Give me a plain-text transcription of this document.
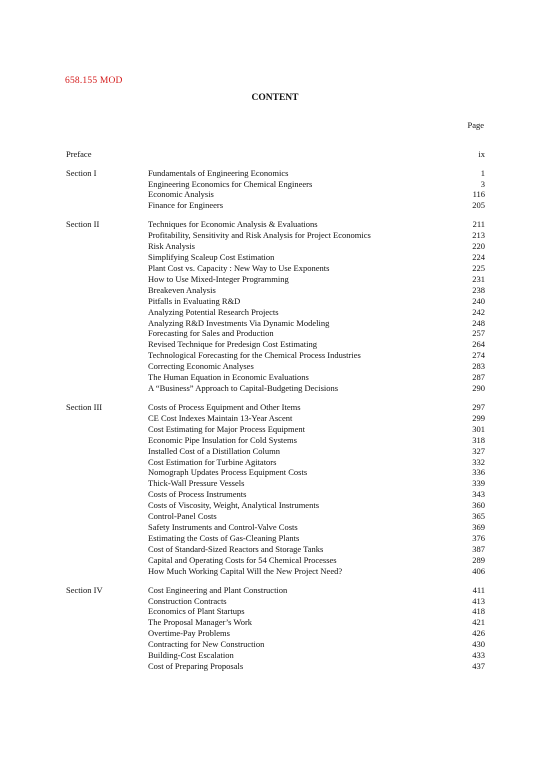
658.155 MOD
CONTENT
Page
Preface	ix
Section I	Fundamentals of Engineering Economics	1
Engineering Economics for Chemical Engineers	3
Economic Analysis	116
Finance for Engineers	205
Section II	Techniques for Economic Analysis & Evaluations	211
Profitability, Sensitivity and Risk Analysis for Project Economics	213
Risk Analysis	220
Simplifying Scaleup Cost Estimation	224
Plant Cost vs. Capacity : New Way to Use Exponents	225
How to Use Mixed-Integer Programming	231
Breakeven Analysis	238
Pitfalls in Evaluating R&D	240
Analyzing Potential Research Projects	242
Analyzing R&D Investments Via Dynamic Modeling	248
Forecasting for Sales and Production	257
Revised Technique for Predesign Cost Estimating	264
Technological Forecasting for the Chemical Process Industries	274
Correcting Economic Analyses	283
The Human Equation in Economic Evaluations	287
A “Business” Approach to Capital-Budgeting Decisions	290
Section III	Costs of Process Equipment and Other Items	297
CE Cost Indexes Maintain 13-Year Ascent	299
Cost Estimating for Major Process Equipment	301
Economic Pipe Insulation for Cold Systems	318
Installed Cost of a Distillation Column	327
Cost Estimation for Turbine Agitators	332
Nomograph Updates Process Equipment Costs	336
Thick-Wall Pressure Vessels	339
Costs of Process Instruments	343
Costs of Viscosity, Weight, Analytical Instruments	360
Control-Panel Costs	365
Safety Instruments and Control-Valve Costs	369
Estimating the Costs of Gas-Cleaning Plants	376
Cost of Standard-Sized Reactors and Storage Tanks	387
Capital and Operating Costs for 54 Chemical Processes	289
How Much Working Capital Will the New Project Need?	406
Section IV	Cost Engineering and Plant Construction	411
Construction Contracts	413
Economics of Plant Startups	418
The Proposal Manager’s Work	421
Overtime-Pay Problems	426
Contracting for New Construction	430
Building-Cost Escalation	433
Cost of Preparing Proposals	437
